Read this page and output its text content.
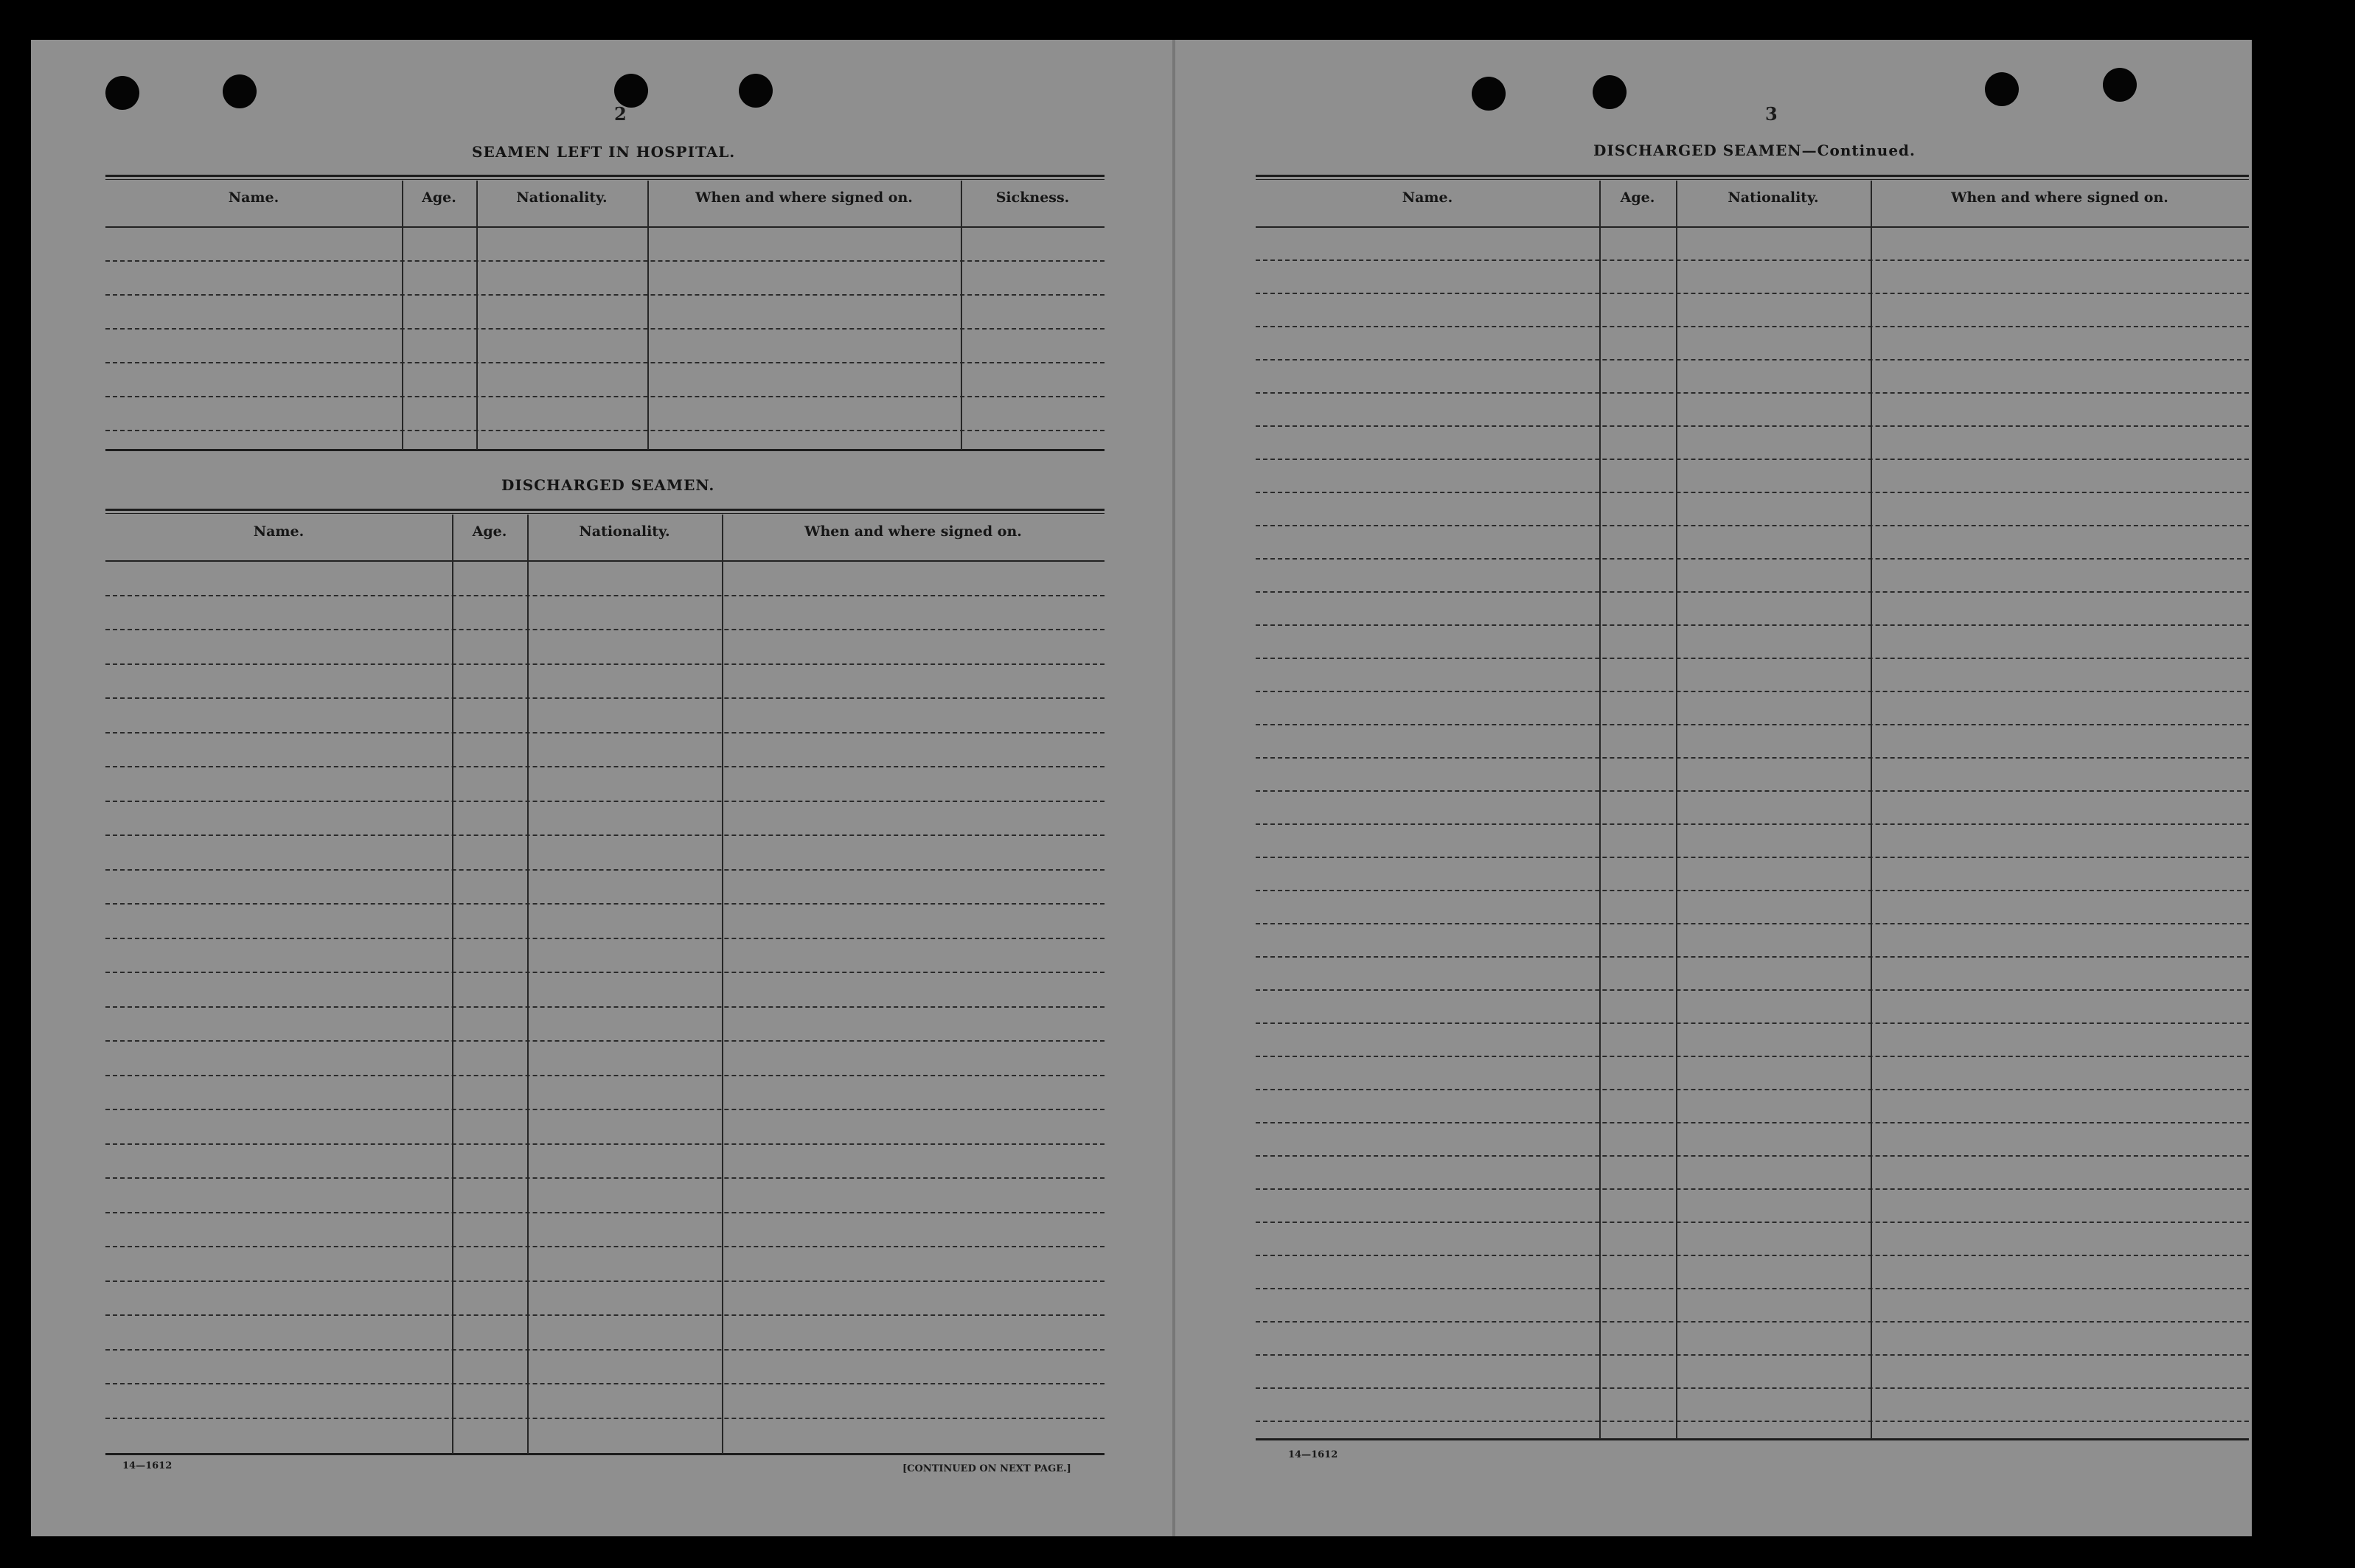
2
SEAMEN LEFT IN HOSPITAL.
Name.	Age.	Nationality.	When and where signed on.	Sickness.
DISCHARGED SEAMEN.
Name.	Age.	Nationality.	When and where signed on.
14—1612	[CONTINUED ON NEXT PAGE.]
3
DISCHARGED SEAMEN—Continued.
Name.	Age.	Nationality.	When and where signed on.
14—1612
